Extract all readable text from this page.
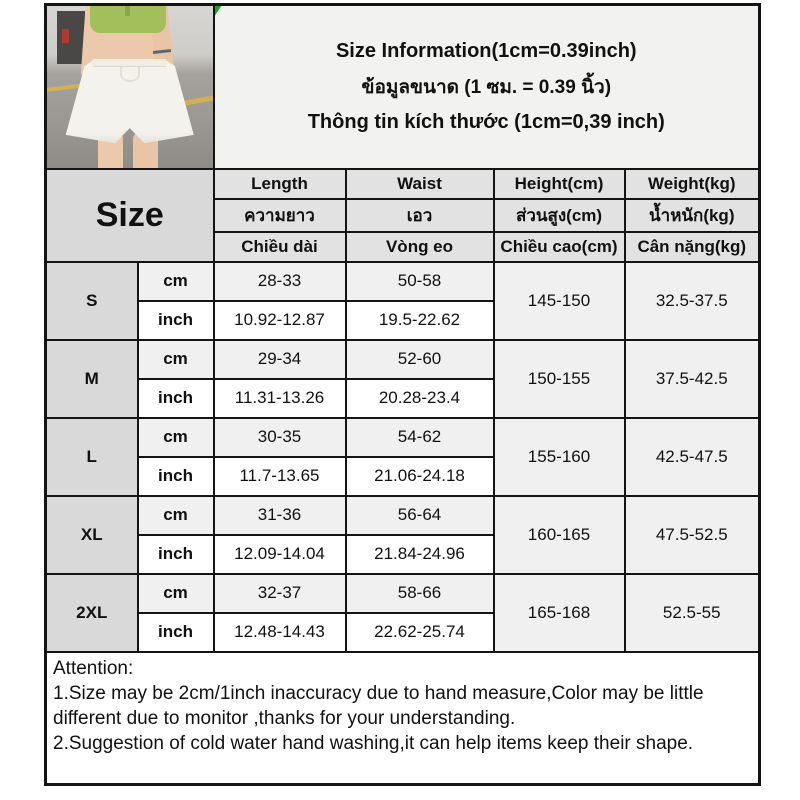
		Size Information(1cm=0.39inch)
ข้อมูลขนาด (1 ซม. = 0.39 นิ้ว)
Thông tin kích thước (1cm=0,39 inch)			

Size		Length	Waist	Height(cm)	Weight(kg)
		ความยาว	เอว	ส่วนสูง(cm)	น้ำหนัก(kg)
		Chiều dài	Vòng eo	Chiều cao(cm)	Cân nặng(kg)
S	cm	28-33	50-58	145-150	32.5-37.5
	inch	10.92-12.87	19.5-22.62		
M	cm	29-34	52-60	150-155	37.5-42.5
	inch	11.31-13.26	20.28-23.4		
L	cm	30-35	54-62	155-160	42.5-47.5
	inch	11.7-13.65	21.06-24.18		
XL	cm	31-36	56-64	160-165	47.5-52.5
	inch	12.09-14.04	21.84-24.96		
2XL	cm	32-37	58-66	165-168	52.5-55
	inch	12.48-14.43	22.62-25.74		

Attention:
1.Size may be 2cm/1inch inaccuracy due to hand measure,Color may be little different due to monitor ,thanks for your understanding.
2.Suggestion of cold water hand washing,it can help items keep their shape.					
